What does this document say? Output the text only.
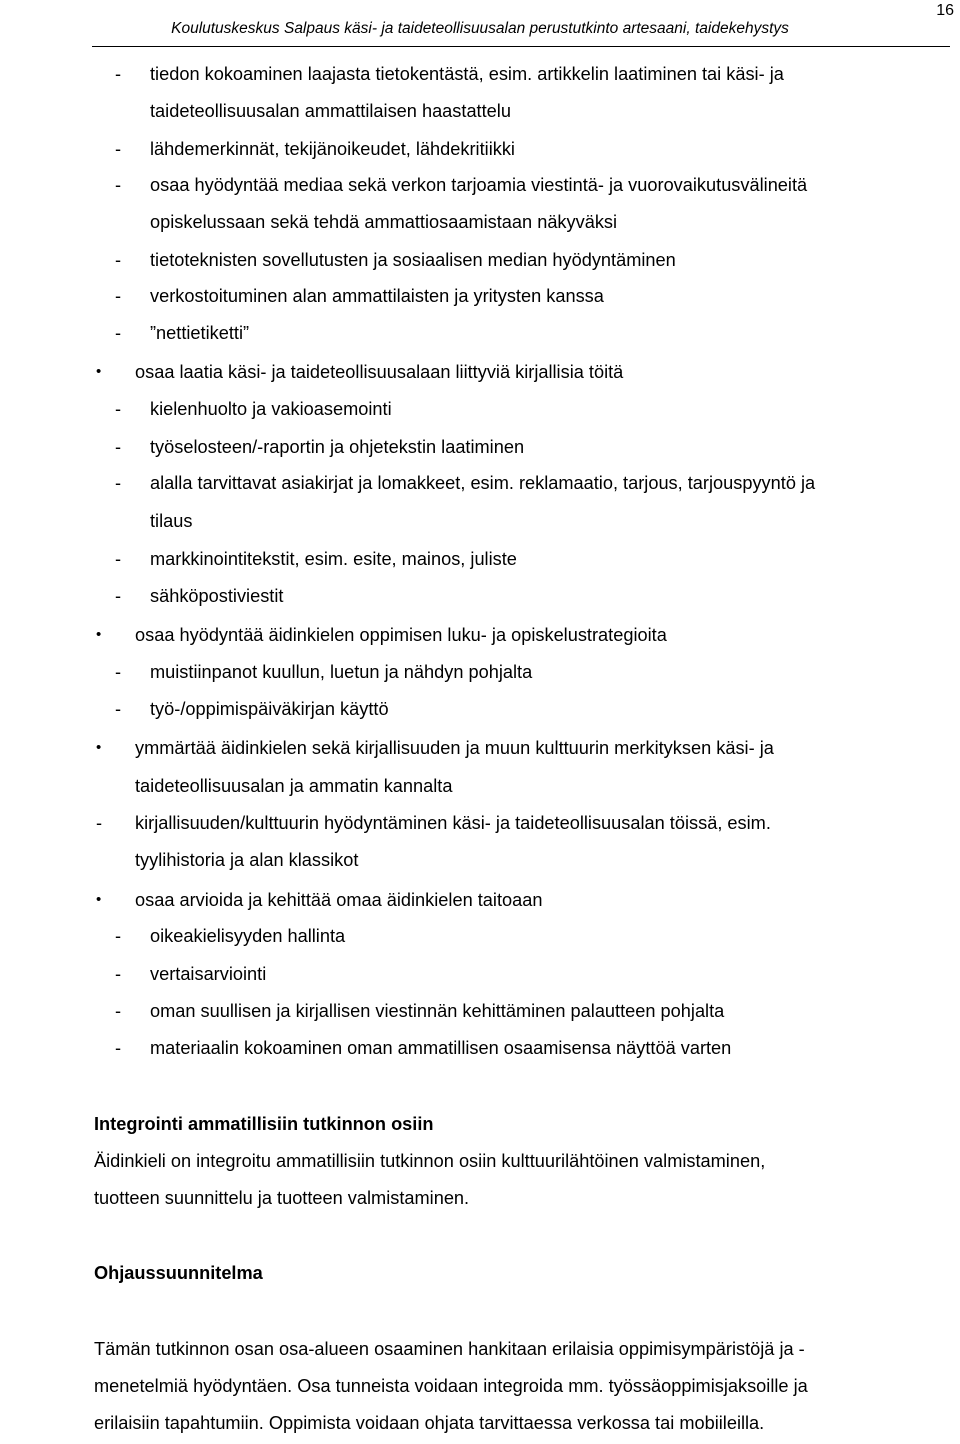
16
Koulutuskeskus Salpaus käsi- ja taideteollisuusalan perustutkinto artesaani, taidekehystys
-	tiedon kokoaminen laajasta tietokentästä, esim. artikkelin laatiminen tai käsi- ja
taideteollisuusalan ammattilaisen haastattelu
-	lähdemerkinnät, tekijänoikeudet, lähdekritiikki
-	osaa hyödyntää mediaa sekä verkon tarjoamia viestintä- ja vuorovaikutusvälineitä
opiskelussaan sekä tehdä ammattiosaamistaan näkyväksi
-	tietoteknisten sovellutusten ja sosiaalisen median hyödyntäminen
-	verkostoituminen alan ammattilaisten ja yritysten kanssa
-	”nettietiketti”
•	osaa laatia käsi- ja taideteollisuusalaan liittyviä kirjallisia töitä
-	kielenhuolto ja vakioasemointi
-	työselosteen/-raportin ja ohjetekstin laatiminen
-	alalla tarvittavat asiakirjat ja lomakkeet, esim. reklamaatio, tarjous, tarjouspyyntö ja
tilaus
-	markkinointitekstit, esim. esite, mainos, juliste
-	sähköpostiviestit
•	osaa hyödyntää äidinkielen oppimisen luku- ja opiskelustrategioita
-	muistiinpanot kuullun, luetun ja nähdyn pohjalta
-	työ-/oppimispäiväkirjan käyttö
•	ymmärtää äidinkielen sekä kirjallisuuden ja muun kulttuurin merkityksen käsi- ja
taideteollisuusalan ja ammatin kannalta
-	kirjallisuuden/kulttuurin hyödyntäminen käsi- ja taideteollisuusalan töissä, esim.
tyylihistoria ja alan klassikot
•	osaa arvioida ja kehittää omaa äidinkielen taitoaan
-	oikeakielisyyden hallinta
-	vertaisarviointi
-	oman suullisen ja kirjallisen viestinnän kehittäminen palautteen pohjalta
-	materiaalin kokoaminen oman ammatillisen osaamisensa näyttöä varten
Integrointi ammatillisiin tutkinnon osiin
Äidinkieli on integroitu ammatillisiin tutkinnon osiin kulttuurilähtöinen valmistaminen,
tuotteen suunnittelu ja tuotteen valmistaminen.
Ohjaussuunnitelma
Tämän tutkinnon osan osa-alueen osaaminen hankitaan erilaisia oppimisympäristöjä ja -
menetelmiä hyödyntäen. Osa tunneista voidaan integroida mm. työssäoppimisjaksoille ja
erilaisiin tapahtumiin. Oppimista voidaan ohjata tarvittaessa verkossa tai mobiileilla.
